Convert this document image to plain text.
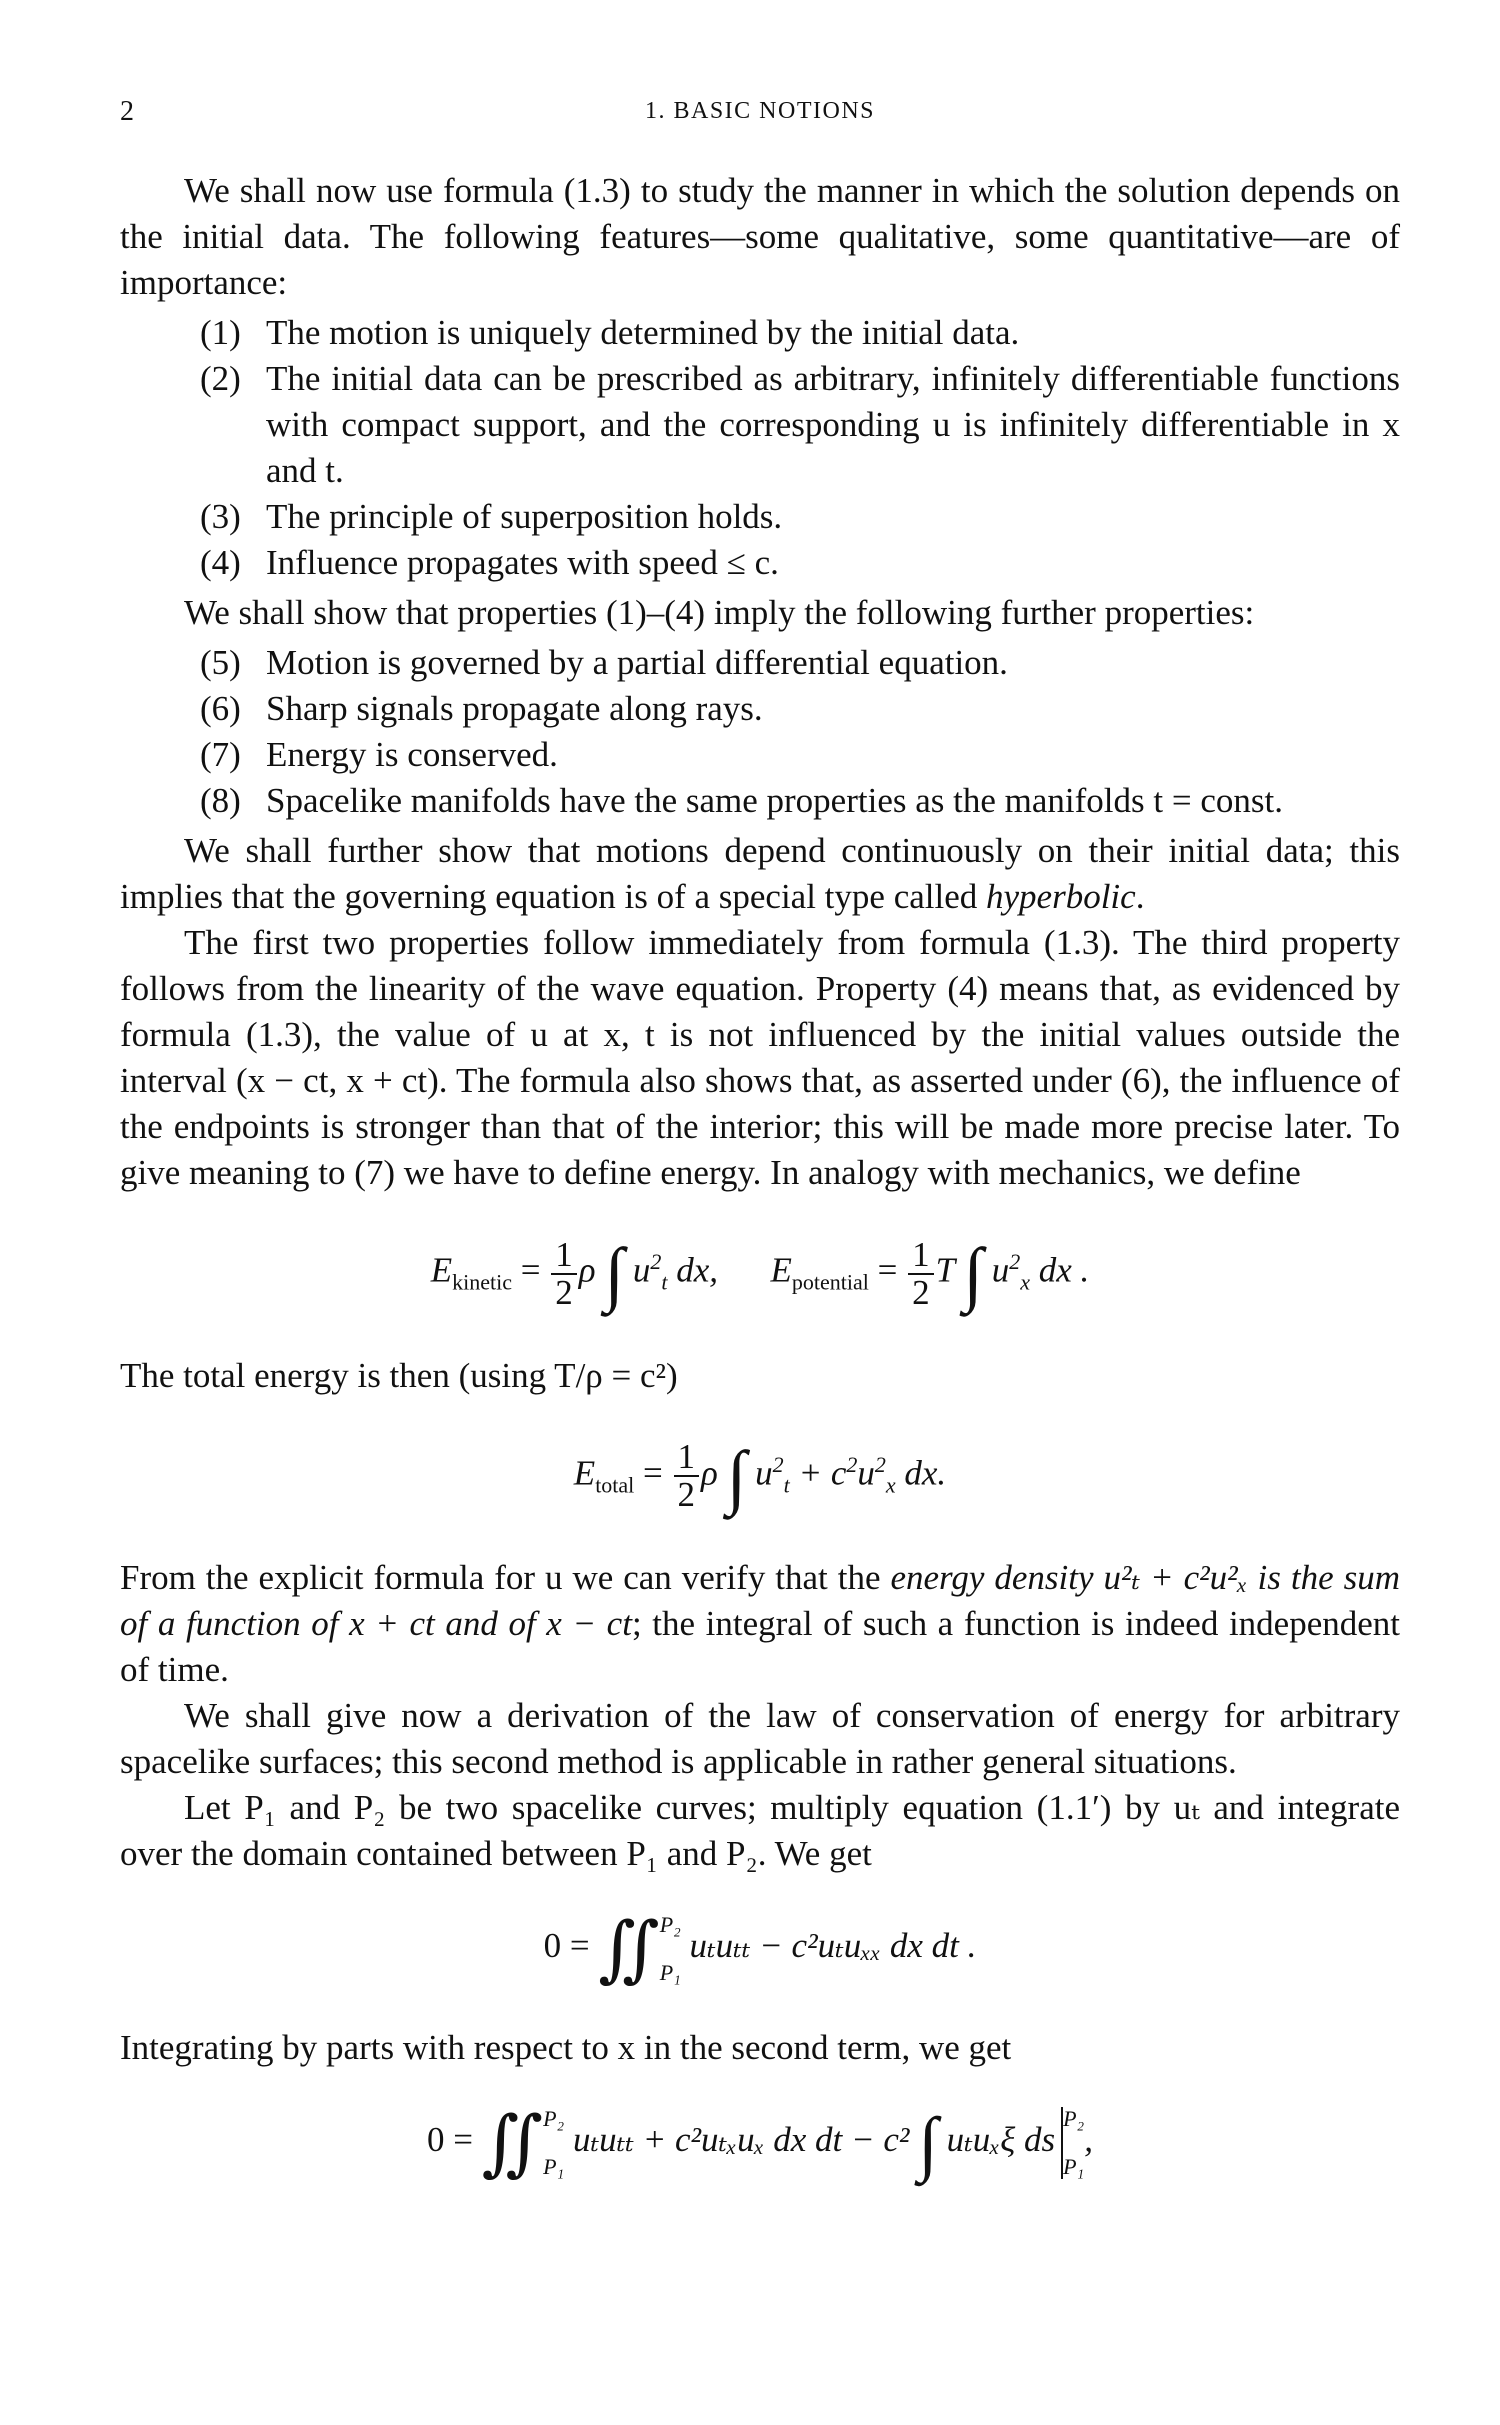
2	1. BASIC NOTIONS

We shall now use formula (1.3) to study the manner in which the solution depends on the initial data. The following features—some qualitative, some quantitative—are of importance:

(1) The motion is uniquely determined by the initial data.
(2) The initial data can be prescribed as arbitrary, infinitely differentiable functions with compact support, and the corresponding u is infinitely differentiable in x and t.
(3) The principle of superposition holds.
(4) Influence propagates with speed ≤ c.

We shall show that properties (1)–(4) imply the following further properties:

(5) Motion is governed by a partial differential equation.
(6) Sharp signals propagate along rays.
(7) Energy is conserved.
(8) Spacelike manifolds have the same properties as the manifolds t = const.

We shall further show that motions depend continuously on their initial data; this implies that the governing equation is of a special type called hyperbolic.

The first two properties follow immediately from formula (1.3). The third property follows from the linearity of the wave equation. Property (4) means that, as evidenced by formula (1.3), the value of u at x, t is not influenced by the initial values outside the interval (x − ct, x + ct). The formula also shows that, as asserted under (6), the influence of the endpoints is stronger than that of the interior; this will be made more precise later. To give meaning to (7) we have to define energy. In analogy with mechanics, we define

$E_{kinetic} = \frac{1}{2}$ ρ ∫ $u^2_t$ dx,      $E_{potential} = \frac{1}{2}$ T ∫ $u^2_x$ dx .

The total energy is then (using T/ρ = c²)

$E_{total} = \frac{1}{2}$ ρ ∫ $u^2_t + c^2u^2_x$ dx.

From the explicit formula for u we can verify that the energy density u²ₜ + c²u²ₓ is the sum of a function of x + ct and of x − ct; the integral of such a function is indeed independent of time.

We shall give now a derivation of the law of conservation of energy for arbitrary spacelike surfaces; this second method is applicable in rather general situations.

Let P₁ and P₂ be two spacelike curves; multiply equation (1.1′) by uₜ and integrate over the domain contained between P₁ and P₂. We get

0 = ∬P₂

P₁ uₜuₜₜ − c²uₜuₓₓ dx dt .

Integrating by parts with respect to x in the second term, we get

0 = ∬P₂

P₁ uₜuₜₜ + c²uₜₓuₓ dx dt − c² ∫ uₜuₓξ dsP₂

P₁,
